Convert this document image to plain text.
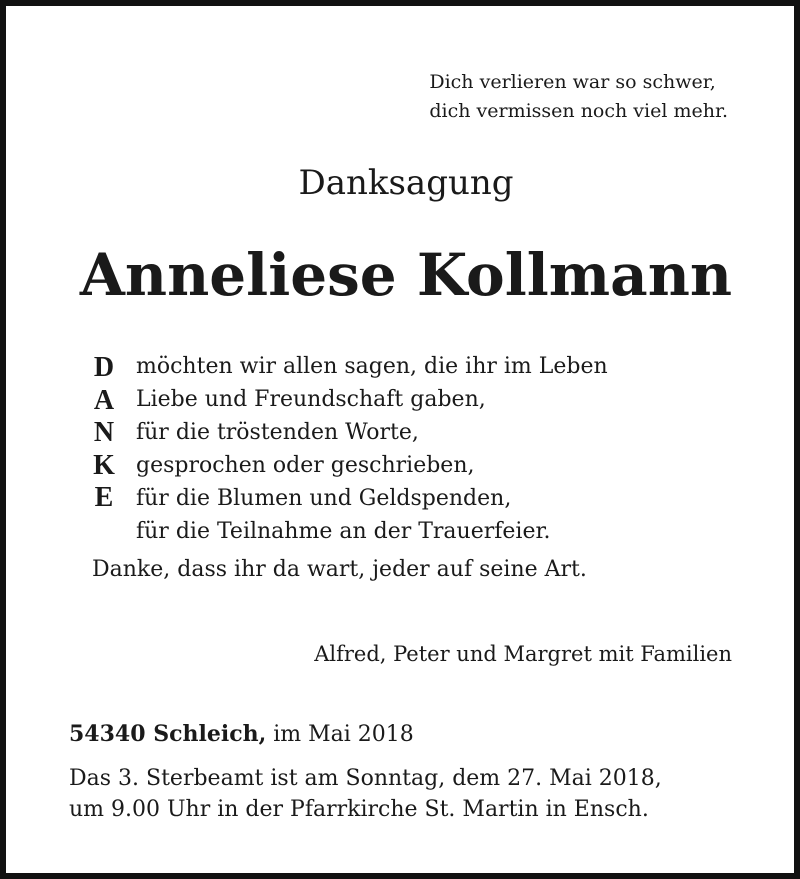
Dich verlieren war so schwer,
dich vermissen noch viel mehr.
Danksagung
Anneliese Kollmann
D
A
N
K
E
möchten wir allen sagen, die ihr im Leben
Liebe und Freundschaft gaben,
für die tröstenden Worte,
gesprochen oder geschrieben,
für die Blumen und Geldspenden,
für die Teilnahme an der Trauerfeier.
Danke, dass ihr da wart, jeder auf seine Art.
Alfred, Peter und Margret mit Familien
54340 Schleich, im Mai 2018
Das 3. Sterbeamt ist am Sonntag, dem 27. Mai 2018,
um 9.00 Uhr in der Pfarrkirche St. Martin in Ensch.
